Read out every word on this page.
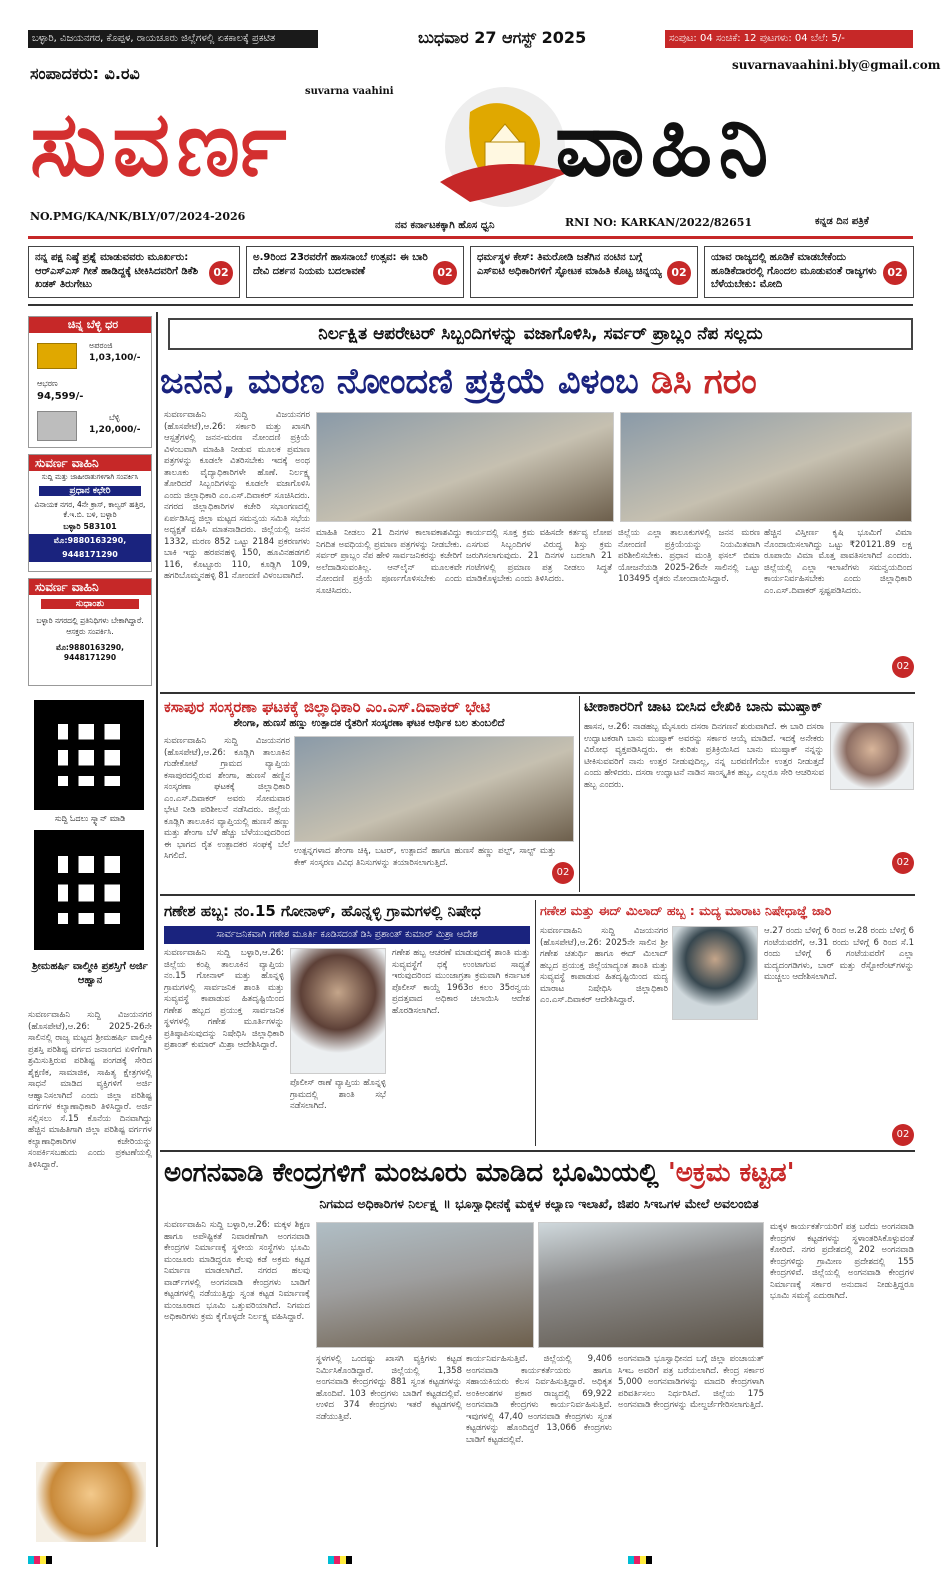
ಬಳ್ಳಾರಿ, ವಿಜಯನಗರ, ಕೊಪ್ಪಳ, ರಾಯಚೂರು ಜಿಲ್ಲೆಗಳಲ್ಲಿ ಏಕಕಾಲಕ್ಕೆ ಪ್ರಕಟಿತ	ಬುಧವಾರ 27 ಆಗಸ್ಟ್ 2025	ಸಂಪುಟ: 04 ಸಂಚಿಕೆ: 12 ಪುಟಗಳು: 04 ಬೆಲೆ: 5/-
ಸಂಪಾದಕರು: ವಿ.ರವಿ	suvarnavaahini.bly@gmail.com
suvarna vaahini
ಸುವರ್ಣ	ವಾಹಿನಿ
NO.PMG/KA/NK/BLY/07/2024-2026
ನವ ಕರ್ನಾಟಕಕ್ಕಾಗಿ ಹೊಸ ಧ್ವನಿ	RNI NO: KARKAN/2022/82651	ಕನ್ನಡ ದಿನ ಪತ್ರಿಕೆ
ನನ್ನ ಪಕ್ಷ ನಿಷ್ಠೆ ಪ್ರಶ್ನೆ ಮಾಡುವವರು ಮೂರ್ಖರು: ಆರ್‌ಎಸ್‌ಎಸ್ ಗೀತೆ ಹಾಡಿದ್ದಕ್ಕೆ ಟೀಕಿಸಿದವರಿಗೆ ಡಿಕೆಶಿ ಖಡಕ್ ತಿರುಗೇಟು
02
ಅ.9ರಿಂದ 23ರವರೆಗೆ ಹಾಸನಾಂಬೆ ಉತ್ಸವ: ಈ ಬಾರಿ ದೇವಿ ದರ್ಶನ ನಿಯಮ ಬದಲಾವಣೆ	02
ಧರ್ಮಸ್ಥಳ ಕೇಸ್: ತಿಮರೋಡಿ ಜತೆಗಿನ ನಂಟಿನ ಬಗ್ಗೆ ಎಸ್‌ಐಟಿ ಅಧಿಕಾರಿಗಳಿಗೆ ಸ್ಫೋಟಕ ಮಾಹಿತಿ ಕೊಟ್ಟ ಚಿನ್ನಯ್ಯ 02
ಯಾವ ರಾಜ್ಯದಲ್ಲಿ ಹೂಡಿಕೆ ಮಾಡಬೇಕೆಂದು ಹೂಡಿಕೆದಾರರಲ್ಲಿ ಗೊಂದಲ ಮೂಡುವಂತೆ ರಾಜ್ಯಗಳು ಬೆಳೆಯಬೇಕು: ಮೋದಿ
02
ಚಿನ್ನ ಬೆಳ್ಳಿ ಧರ
ಅಪರಂಜಿ
1,03,100/-
ಆಭರಣ
94,599/-
ಬೆಳ್ಳಿ
1,20,000/-
ಸುವರ್ಣ ವಾಹಿನಿ
ಸುದ್ದಿ ಮತ್ತು ಜಾಹೀರಾತುಗಳಿಗಾಗಿ ಸಂಪರ್ಕಿಸಿ
ಪ್ರಧಾನ ಕಛೇರಿ
ವಿನಾಯಕ ನಗರ, 4ನೇ ಕ್ರಾಸ್, ಕಾಲ್ವರ್ ಹತ್ತಿರ, ಕೆ.ಇ.ಬಿ. ಬಳಿ, ಬಳ್ಳಾರಿ
ಬಳ್ಳಾರಿ 583101
ಮೊ:9880163290, 9448171290
ಸುವರ್ಣ ವಾಹಿನಿ
ಸುಧಾಂಶು
ಬಳ್ಳಾರಿ ನಗರದಲ್ಲಿ ಪ್ರತಿನಿಧಿಗಳು ಬೇಕಾಗಿದ್ದಾರೆ. ಆಸಕ್ತರು ಸಂಪರ್ಕಿಸಿ.
ಮೊ:9880163290, 9448171290
ಸುದ್ದಿ ಓದಲು ಸ್ಕ್ಯಾನ್ ಮಾಡಿ
ಶ್ರೀಮಹರ್ಷಿ ವಾಲ್ಮೀಕಿ ಪ್ರಶಸ್ತಿಗೆ ಅರ್ಜಿ ಆಹ್ವಾನ
ಸುವರ್ಣವಾಹಿನಿ ಸುದ್ದಿ ವಿಜಯನಗರ (ಹೊಸಪೇಟೆ),ಆ.26: 2025-26ನೇ ಸಾಲಿನಲ್ಲಿ ರಾಜ್ಯ ಮಟ್ಟದ ಶ್ರೀಮಹರ್ಷಿ ವಾಲ್ಮೀಕಿ ಪ್ರಶಸ್ತಿ ಪರಿಶಿಷ್ಟ ವರ್ಗದ ಜನಾಂಗದ ಏಳಿಗೆಗಾಗಿ ಶ್ರಮಿಸುತ್ತಿರುವ ಪರಿಶಿಷ್ಟ ಪಂಗಡಕ್ಕೆ ಸೇರಿದ ಶೈಕ್ಷಣಿಕ, ಸಾಮಾಜಿಕ, ಸಾಹಿತ್ಯ ಕ್ಷೇತ್ರಗಳಲ್ಲಿ ಸಾಧನೆ ಮಾಡಿದ ವ್ಯಕ್ತಿಗಳಿಗೆ ಅರ್ಜಿ ಆಹ್ವಾನಿಸಲಾಗಿದೆ ಎಂದು ಜಿಲ್ಲಾ ಪರಿಶಿಷ್ಟ ವರ್ಗಗಳ ಕಲ್ಯಾಣಾಧಿಕಾರಿ ತಿಳಿಸಿದ್ದಾರೆ. ಅರ್ಜಿ ಸಲ್ಲಿಸಲು ಸೆ.15 ಕೊನೆಯ ದಿನವಾಗಿದ್ದು ಹೆಚ್ಚಿನ ಮಾಹಿತಿಗಾಗಿ ಜಿಲ್ಲಾ ಪರಿಶಿಷ್ಟ ವರ್ಗಗಳ ಕಲ್ಯಾಣಾಧಿಕಾರಿಗಳ ಕಚೇರಿಯನ್ನು ಸಂಪರ್ಕಿಸಬಹುದು ಎಂದು ಪ್ರಕಟಣೆಯಲ್ಲಿ ತಿಳಿಸಿದ್ದಾರೆ.
ನಿರ್ಲಕ್ಷಿತ ಆಪರೇಟರ್ ಸಿಬ್ಬಂದಿಗಳನ್ನು ವಜಾಗೊಳಿಸಿ, ಸರ್ವರ್ ಪ್ರಾಬ್ಲಂ ನೆಪ ಸಲ್ಲದು
ಜನನ, ಮರಣ ನೋಂದಣಿ ಪ್ರಕ್ರಿಯೆ ವಿಳಂಬ ಡಿಸಿ ಗರಂ
ಸುವರ್ಣವಾಹಿನಿ ಸುದ್ದಿ ವಿಜಯನಗರ (ಹೊಸಪೇಟೆ),ಆ.26: ಸರ್ಕಾರಿ ಮತ್ತು ಖಾಸಗಿ ಆಸ್ಪತ್ರೆಗಳಲ್ಲಿ ಜನನ-ಮರಣ ನೋಂದಣಿ ಪ್ರಕ್ರಿಯೆ ವಿಳಂಬವಾಗಿ ಮಾಹಿತಿ ನೀಡುವ ಮೂಲಕ ಪ್ರಮಾಣ ಪತ್ರಗಳನ್ನು ಕೂಡಲೇ ವಿತರಿಸಬೇಕು ಇದಕ್ಕೆ ಅಂಥ ತಾಲೂಕು ವೈದ್ಯಾಧಿಕಾರಿಗಳೇ ಹೊಣೆ. ನಿರ್ಲಕ್ಷ್ಯ ತೋರಿದರೆ ಸಿಬ್ಬಂದಿಗಳನ್ನು ಕೂಡಲೇ ವಜಾಗೊಳಿಸಿ ಎಂದು ಜಿಲ್ಲಾಧಿಕಾರಿ ಎಂ.ಎಸ್.ದಿವಾಕರ್ ಸೂಚಿಸಿದರು. ನಗರದ ಜಿಲ್ಲಾಧಿಕಾರಿಗಳ ಕಚೇರಿ ಸಭಾಂಗಣದಲ್ಲಿ ಏರ್ಪಡಿಸಿದ್ದ ಜಿಲ್ಲಾ ಮಟ್ಟದ ಸಮನ್ವಯ ಸಮಿತಿ ಸಭೆಯ ಅಧ್ಯಕ್ಷತೆ ವಹಿಸಿ ಮಾತನಾಡಿದರು. ಜಿಲ್ಲೆಯಲ್ಲಿ ಜನನ 1332, ಮರಣ 852 ಒಟ್ಟು 2184 ಪ್ರಕರಣಗಳು ಬಾಕಿ ಇದ್ದು ಹರಪನಹಳ್ಳಿ 150, ಹೂವಿನಹಡಗಲಿ 116, ಕೊಟ್ಟೂರು 110, ಕೂಡ್ಲಿಗಿ 109, ಹಗರಿಬೊಮ್ಮನಹಳ್ಳಿ 81 ನೋಂದಣಿ ವಿಳಂಬವಾಗಿದೆ.
ಮಾಹಿತಿ ನೀಡಲು 21 ದಿನಗಳ ಕಾಲಾವಕಾಶವಿದ್ದು ನಿಗದಿತ ಅವಧಿಯಲ್ಲಿ ಪ್ರಮಾಣ ಪತ್ರಗಳನ್ನು ನೀಡಬೇಕು. ಸರ್ವರ್ ಪ್ರಾಬ್ಲಂ ನೆಪ ಹೇಳಿ ಸಾರ್ವಜನಿಕರನ್ನು ಕಚೇರಿಗೆ ಅಲೆದಾಡಿಸುವಂತಿಲ್ಲ. ಆನ್‌ಲೈನ್ ಮೂಲಕವೇ ನೋಂದಣಿ ಪ್ರಕ್ರಿಯೆ ಪೂರ್ಣಗೊಳಿಸಬೇಕು ಎಂದು ಸೂಚಿಸಿದರು.
ಕಾರ್ಯದಲ್ಲಿ ಸೂಕ್ತ ಕ್ರಮ ವಹಿಸದೇ ಕರ್ತವ್ಯ ಲೋಪ ಎಸಗುವ ಸಿಬ್ಬಂದಿಗಳ ವಿರುದ್ಧ ಶಿಸ್ತು ಕ್ರಮ ಜರುಗಿಸಲಾಗುವುದು. 21 ದಿನಗಳ ಬದಲಾಗಿ 21 ಗಂಟೆಗಳಲ್ಲಿ ಪ್ರಮಾಣ ಪತ್ರ ನೀಡಲು ಸಿದ್ಧತೆ ಮಾಡಿಕೊಳ್ಳಬೇಕು ಎಂದು ತಿಳಿಸಿದರು.
ಜಿಲ್ಲೆಯ ಎಲ್ಲಾ ತಾಲೂಕುಗಳಲ್ಲಿ ಜನನ ಮರಣ ನೋಂದಣಿ ಪ್ರಕ್ರಿಯೆಯನ್ನು ನಿಯಮಿತವಾಗಿ ಪರಿಶೀಲಿಸಬೇಕು. ಪ್ರಧಾನ ಮಂತ್ರಿ ಫಸಲ್ ಬಿಮಾ ಯೋಜನೆಯಡಿ 2025-26ನೇ ಸಾಲಿನಲ್ಲಿ ಒಟ್ಟು 103495 ರೈತರು ನೋಂದಾಯಿಸಿದ್ದಾರೆ.
ಹೆಚ್ಚಿನ ವಿಸ್ತೀರ್ಣ ಕೃಷಿ ಭೂಮಿಗೆ ವಿಮಾ ನೊಂದಾಯಿಸಲಾಗಿದ್ದು ಒಟ್ಟು ₹20121.89 ಲಕ್ಷ ರೂಪಾಯಿ ವಿಮಾ ಮೊತ್ತ ಪಾವತಿಸಲಾಗಿದೆ ಎಂದರು. ಜಿಲ್ಲೆಯಲ್ಲಿ ಎಲ್ಲಾ ಇಲಾಖೆಗಳು ಸಮನ್ವಯದಿಂದ ಕಾರ್ಯನಿರ್ವಹಿಸಬೇಕು ಎಂದು ಜಿಲ್ಲಾಧಿಕಾರಿ ಎಂ.ಎಸ್.ದಿವಾಕರ್ ಸ್ಪಷ್ಟಪಡಿಸಿದರು.
02
ಕಸಾಪುರ ಸಂಸ್ಕರಣಾ ಘಟಕಕ್ಕೆ ಜಿಲ್ಲಾಧಿಕಾರಿ ಎಂ.ಎಸ್.ದಿವಾಕರ್ ಭೇಟಿ
ಶೇಂಗಾ, ಹುಣಸೆ ಹಣ್ಣು ಉತ್ಪಾದಕ ರೈತರಿಗೆ ಸಂಸ್ಕರಣಾ ಘಟಕ ಆರ್ಥಿಕ ಬಲ ತುಂಬಲಿದೆ
ಸುವರ್ಣವಾಹಿನಿ ಸುದ್ದಿ ವಿಜಯನಗರ (ಹೊಸಪೇಟೆ),ಆ.26: ಕೂಡ್ಲಿಗಿ ತಾಲೂಕಿನ ಗುಡೇಕೋಟೆ ಗ್ರಾಮದ ವ್ಯಾಪ್ತಿಯ ಕಸಾಪುರದಲ್ಲಿರುವ ಶೇಂಗಾ, ಹುಣಸೆ ಹಣ್ಣಿನ ಸಂಸ್ಕರಣಾ ಘಟಕಕ್ಕೆ ಜಿಲ್ಲಾಧಿಕಾರಿ ಎಂ.ಎಸ್.ದಿವಾಕರ್ ಅವರು ಸೋಮವಾರ ಭೇಟಿ ನೀಡಿ ಪರಿಶೀಲನೆ ನಡೆಸಿದರು. ಜಿಲ್ಲೆಯ ಕೂಡ್ಲಿಗಿ ತಾಲೂಕಿನ ವ್ಯಾಪ್ತಿಯಲ್ಲಿ ಹುಣಸೆ ಹಣ್ಣು ಮತ್ತು ಶೇಂಗಾ ಬೆಳೆ ಹೆಚ್ಚು ಬೆಳೆಯುವುದರಿಂದ ಈ ಭಾಗದ ರೈತ ಉತ್ಪಾದಕರ ಸಂಘಕ್ಕೆ ಬೆಲೆ ಸಿಗಲಿದೆ.	ಉತ್ಪನ್ನಗಳಾದ ಶೇಂಗಾ ಚಿಕ್ಕಿ, ಬಟರ್, ಉತ್ಪಾದನೆ ಹಾಗೂ ಹುಣಸೆ ಹಣ್ಣು ಪಲ್ಪ್, ಸಾಲ್ಟ್ ಮತ್ತು ಕೇಕ್ ಸಂಸ್ಕರಣ ವಿವಿಧ ತಿನಿಸುಗಳನ್ನು ತಯಾರಿಸಲಾಗುತ್ತಿದೆ.
02
ಟೀಕಾಕಾರರಿಗೆ ಚಾಟ ಬೀಸಿದ ಲೇಖಿಕಿ ಬಾನು ಮುಷ್ತಾಕ್
ಹಾಸನ, ಆ.26: ನಾಡಹಬ್ಬ ಮೈಸೂರು ದಸರಾ ದಿನಗಣನೆ ಶುರುವಾಗಿದೆ. ಈ ಬಾರಿ ದಸರಾ ಉದ್ಘಾಟಕರಾಗಿ ಬಾನು ಮುಷ್ತಾಕ್ ಅವರನ್ನು ಸರ್ಕಾರ ಆಯ್ಕೆ ಮಾಡಿದೆ. ಇದಕ್ಕೆ ಅನೇಕರು ವಿರೋಧ ವ್ಯಕ್ತಪಡಿಸಿದ್ದರು. ಈ ಕುರಿತು ಪ್ರತಿಕ್ರಿಯಿಸಿದ ಬಾನು ಮುಷ್ತಾಕ್ ನನ್ನನ್ನು ಟೀಕಿಸುವವರಿಗೆ ನಾನು ಉತ್ತರ ನೀಡುವುದಿಲ್ಲ, ನನ್ನ ಬರವಣಿಗೆಯೇ ಉತ್ತರ ನೀಡುತ್ತದೆ ಎಂದು ಹೇಳಿದರು. ದಸರಾ ಉದ್ಘಾಟನೆ ನಾಡಿನ ಸಾಂಸ್ಕೃತಿಕ ಹಬ್ಬ, ಎಲ್ಲರೂ ಸೇರಿ ಆಚರಿಸುವ ಹಬ್ಬ ಎಂದರು.
02
ಗಣೇಶ ಹಬ್ಬ: ನಂ.15 ಗೋನಾಳ್, ಹೊನ್ನಳ್ಳಿ ಗ್ರಾಮಗಳಲ್ಲಿ ನಿಷೇಧ
ಸಾರ್ವಜನಿಕವಾಗಿ ಗಣೇಶ ಮೂರ್ತಿ ಕೂಡಿಸದಂತೆ ಡಿಸಿ ಪ್ರಶಾಂತ್ ಕುಮಾರ್ ಮಿಶ್ರಾ ಆದೇಶ
ಸುವರ್ಣವಾಹಿನಿ ಸುದ್ದಿ ಬಳ್ಳಾರಿ,ಆ.26: ಜಿಲ್ಲೆಯ ಕಂಪ್ಲಿ ತಾಲೂಕಿನ ವ್ಯಾಪ್ತಿಯ ನಂ.15 ಗೋನಾಳ್ ಮತ್ತು ಹೊನ್ನಳ್ಳಿ ಗ್ರಾಮಗಳಲ್ಲಿ ಸಾರ್ವಜನಿಕ ಶಾಂತಿ ಮತ್ತು ಸುವ್ಯವಸ್ಥೆ ಕಾಪಾಡುವ ಹಿತದೃಷ್ಟಿಯಿಂದ ಗಣೇಶ ಹಬ್ಬದ ಪ್ರಯುಕ್ತ ಸಾರ್ವಜನಿಕ ಸ್ಥಳಗಳಲ್ಲಿ ಗಣೇಶ ಮೂರ್ತಿಗಳನ್ನು ಪ್ರತಿಷ್ಠಾಪಿಸುವುದನ್ನು ನಿಷೇಧಿಸಿ ಜಿಲ್ಲಾಧಿಕಾರಿ ಪ್ರಶಾಂತ್ ಕುಮಾರ್ ಮಿಶ್ರಾ ಆದೇಶಿಸಿದ್ದಾರೆ.
ಪೊಲೀಸ್ ಠಾಣೆ ವ್ಯಾಪ್ತಿಯ ಹೊನ್ನಳ್ಳಿ ಗ್ರಾಮದಲ್ಲಿ ಶಾಂತಿ ಸಭೆ ನಡೆಸಲಾಗಿದೆ.
ಗಣೇಶ ಹಬ್ಬ ಆಚರಣೆ ಮಾಡುವುದಕ್ಕೆ ಶಾಂತಿ ಮತ್ತು ಸುವ್ಯವಸ್ಥೆಗೆ ಧಕ್ಕೆ ಉಂಟಾಗುವ ಸಾಧ್ಯತೆ ಇರುವುದರಿಂದ ಮುಂಜಾಗ್ರತಾ ಕ್ರಮವಾಗಿ ಕರ್ನಾಟಕ ಪೊಲೀಸ್ ಕಾಯ್ದೆ 1963ರ ಕಲಂ 35ರನ್ವಯ ಪ್ರದತ್ತವಾದ ಅಧಿಕಾರ ಚಲಾಯಿಸಿ ಆದೇಶ ಹೊರಡಿಸಲಾಗಿದೆ.
ಗಣೇಶ ಮತ್ತು ಈದ್ ಮಿಲಾದ್ ಹಬ್ಬ : ಮದ್ಯ ಮಾರಾಟ ನಿಷೇಧಾಜ್ಞೆ ಜಾರಿ
ಸುವರ್ಣವಾಹಿನಿ ಸುದ್ದಿ ವಿಜಯನಗರ (ಹೊಸಪೇಟೆ),ಆ.26: 2025ನೇ ಸಾಲಿನ ಶ್ರೀ ಗಣೇಶ ಚತುರ್ಥಿ ಹಾಗೂ ಈದ್ ಮಿಲಾದ್ ಹಬ್ಬದ ಪ್ರಯುಕ್ತ ಜಿಲ್ಲೆಯಾದ್ಯಂತ ಶಾಂತಿ ಮತ್ತು ಸುವ್ಯವಸ್ಥೆ ಕಾಪಾಡುವ ಹಿತದೃಷ್ಟಿಯಿಂದ ಮದ್ಯ ಮಾರಾಟ ನಿಷೇಧಿಸಿ ಜಿಲ್ಲಾಧಿಕಾರಿ ಎಂ.ಎಸ್.ದಿವಾಕರ್ ಆದೇಶಿಸಿದ್ದಾರೆ.
ಆ.27 ರಂದು ಬೆಳಿಗ್ಗೆ 6 ರಿಂದ ಆ.28 ರಂದು ಬೆಳಿಗ್ಗೆ 6 ಗಂಟೆಯವರೆಗೆ, ಆ.31 ರಂದು ಬೆಳಿಗ್ಗೆ 6 ರಿಂದ ಸೆ.1 ರಂದು ಬೆಳಿಗ್ಗೆ 6 ಗಂಟೆಯವರೆಗೆ ಎಲ್ಲಾ ಮದ್ಯದಂಗಡಿಗಳು, ಬಾರ್ ಮತ್ತು ರೆಸ್ಟೋರೆಂಟ್‌ಗಳನ್ನು ಮುಚ್ಚಲು ಆದೇಶಿಸಲಾಗಿದೆ.
02
ಅಂಗನವಾಡಿ ಕೇಂದ್ರಗಳಿಗೆ ಮಂಜೂರು ಮಾಡಿದ ಭೂಮಿಯಲ್ಲಿ 'ಅಕ್ರಮ ಕಟ್ಟಡ'
ನಿಗಮದ ಅಧಿಕಾರಿಗಳ ನಿರ್ಲಕ್ಷ್ಯ ॥ ಭೂಸ್ವಾಧೀನಕ್ಕೆ ಮಕ್ಕಳ ಕಲ್ಯಾಣ ಇಲಾಖೆ, ಜಿಪಂ ಸಿಇಒಗಳ ಮೇಲೆ ಅವಲಂಬಿತ
ಸುವರ್ಣವಾಹಿನಿ ಸುದ್ದಿ ಬಳ್ಳಾರಿ,ಆ.26: ಮಕ್ಕಳ ಶಿಕ್ಷಣ ಹಾಗೂ ಅಪೌಷ್ಟಿಕತೆ ನಿವಾರಣೆಗಾಗಿ ಅಂಗನವಾಡಿ ಕೇಂದ್ರಗಳ ನಿರ್ಮಾಣಕ್ಕೆ ಸ್ಥಳೀಯ ಸಂಸ್ಥೆಗಳು ಭೂಮಿ ಮಂಜೂರು ಮಾಡಿದ್ದರೂ ಕೆಲವು ಕಡೆ ಅಕ್ರಮ ಕಟ್ಟಡ ನಿರ್ಮಾಣ ಮಾಡಲಾಗಿದೆ. ನಗರದ ಹಲವು ವಾರ್ಡ್‌ಗಳಲ್ಲಿ ಅಂಗನವಾಡಿ ಕೇಂದ್ರಗಳು ಬಾಡಿಗೆ ಕಟ್ಟಡಗಳಲ್ಲಿ ನಡೆಯುತ್ತಿದ್ದು ಸ್ವಂತ ಕಟ್ಟಡ ನಿರ್ಮಾಣಕ್ಕೆ ಮಂಜೂರಾದ ಭೂಮಿ ಒತ್ತುವರಿಯಾಗಿದೆ. ನಿಗಮದ ಅಧಿಕಾರಿಗಳು ಕ್ರಮ ಕೈಗೊಳ್ಳದೇ ನಿರ್ಲಕ್ಷ್ಯ ವಹಿಸಿದ್ದಾರೆ.
ಸ್ಥಳಗಳಲ್ಲಿ ಒಂದಷ್ಟು ಖಾಸಗಿ ವ್ಯಕ್ತಿಗಳು ಕಟ್ಟಡ ನಿರ್ಮಿಸಿಕೊಂಡಿದ್ದಾರೆ. ಜಿಲ್ಲೆಯಲ್ಲಿ 1,358 ಅಂಗನವಾಡಿ ಕೇಂದ್ರಗಳಿದ್ದು 881 ಸ್ವಂತ ಕಟ್ಟಡಗಳನ್ನು ಹೊಂದಿವೆ. 103 ಕೇಂದ್ರಗಳು ಬಾಡಿಗೆ ಕಟ್ಟಡದಲ್ಲಿವೆ. ಉಳಿದ 374 ಕೇಂದ್ರಗಳು ಇತರೆ ಕಟ್ಟಡಗಳಲ್ಲಿ ನಡೆಯುತ್ತಿವೆ.
ಕಾರ್ಯನಿರ್ವಹಿಸುತ್ತಿವೆ. ಜಿಲ್ಲೆಯಲ್ಲಿ 9,406 ಅಂಗನವಾಡಿ ಕಾರ್ಯಕರ್ತೆಯರು ಹಾಗೂ ಸಹಾಯಕಿಯರು ಕೆಲಸ ನಿರ್ವಹಿಸುತ್ತಿದ್ದಾರೆ. ಅಧಿಕೃತ ಅಂಕಿಅಂಶಗಳ ಪ್ರಕಾರ ರಾಜ್ಯದಲ್ಲಿ 69,922 ಅಂಗನವಾಡಿ ಕೇಂದ್ರಗಳು ಕಾರ್ಯನಿರ್ವಹಿಸುತ್ತಿವೆ. ಇವುಗಳಲ್ಲಿ 47,40 ಅಂಗನವಾಡಿ ಕೇಂದ್ರಗಳು ಸ್ವಂತ ಕಟ್ಟಡಗಳನ್ನು ಹೊಂದಿದ್ದರೆ 13,066 ಕೇಂದ್ರಗಳು ಬಾಡಿಗೆ ಕಟ್ಟಡದಲ್ಲಿವೆ.
ಅಂಗನವಾಡಿ ಭೂಸ್ವಾಧೀನದ ಬಗ್ಗೆ ಜಿಲ್ಲಾ ಪಂಚಾಯತ್ ಸಿಇಒ ಅವರಿಗೆ ಪತ್ರ ಬರೆಯಲಾಗಿದೆ. ಕೇಂದ್ರ ಸರ್ಕಾರ 5,000 ಅಂಗನವಾಡಿಗಳನ್ನು ಮಾದರಿ ಕೇಂದ್ರಗಳಾಗಿ ಪರಿವರ್ತಿಸಲು ನಿರ್ಧರಿಸಿದೆ. ಜಿಲ್ಲೆಯ 175 ಅಂಗನವಾಡಿ ಕೇಂದ್ರಗಳನ್ನು ಮೇಲ್ದರ್ಜೆಗೇರಿಸಲಾಗುತ್ತಿದೆ.
ಮಕ್ಕಳ ಕಾರ್ಯಕರ್ತೆಯರಿಗೆ ಪತ್ರ ಬರೆದು ಅಂಗನವಾಡಿ ಕೇಂದ್ರಗಳ ಕಟ್ಟಡಗಳನ್ನು ಸ್ಥಳಾಂತರಿಸಿಕೊಳ್ಳುವಂತೆ ಕೋರಿದೆ. ನಗರ ಪ್ರದೇಶದಲ್ಲಿ 202 ಅಂಗನವಾಡಿ ಕೇಂದ್ರಗಳಿದ್ದು ಗ್ರಾಮೀಣ ಪ್ರದೇಶದಲ್ಲಿ 155 ಕೇಂದ್ರಗಳಿವೆ. ಜಿಲ್ಲೆಯಲ್ಲಿ ಅಂಗನವಾಡಿ ಕೇಂದ್ರಗಳ ನಿರ್ಮಾಣಕ್ಕೆ ಸರ್ಕಾರ ಅನುದಾನ ನೀಡುತ್ತಿದ್ದರೂ ಭೂಮಿ ಸಮಸ್ಯೆ ಎದುರಾಗಿದೆ.
